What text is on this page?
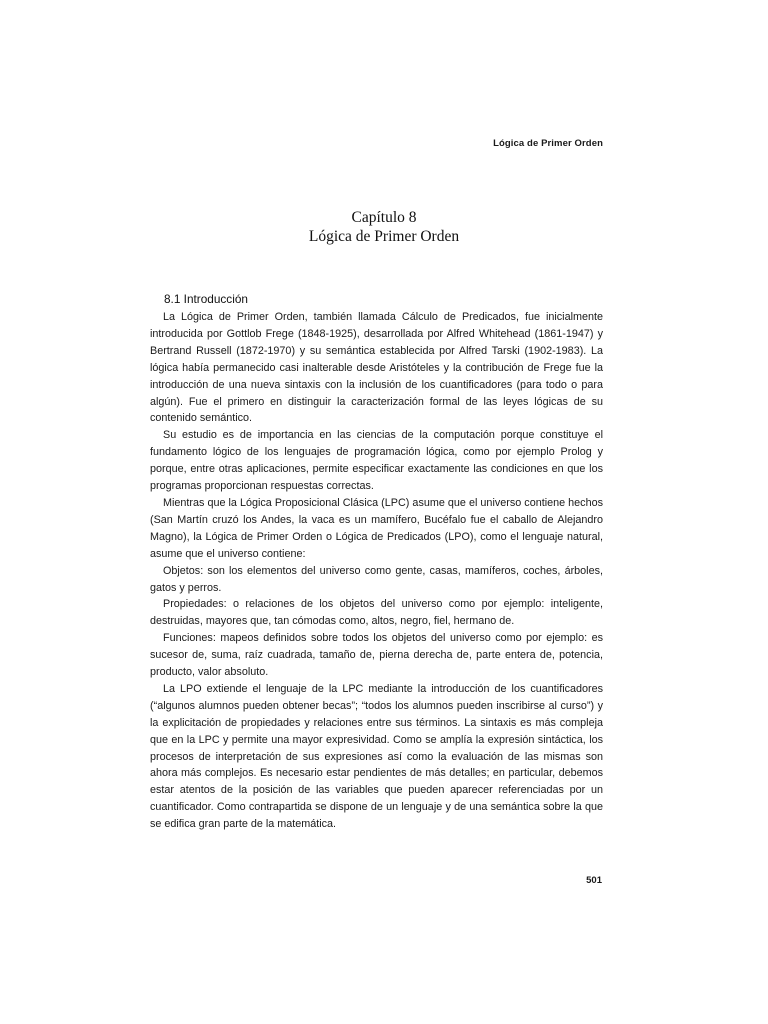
Lógica de Primer Orden
Capítulo 8
Lógica de Primer Orden
8.1 Introducción

La Lógica de Primer Orden, también llamada Cálculo de Predicados, fue inicialmente introducida por Gottlob Frege (1848-1925), desarrollada por Alfred Whitehead (1861-1947) y Bertrand Russell (1872-1970) y su semántica establecida por Alfred Tarski (1902-1983). La lógica había permanecido casi inalterable desde Aristóteles y la contribución de Frege fue la introducción de una nueva sintaxis con la inclusión de los cuantificadores (para todo o para algún). Fue el primero en distinguir la caracterización formal de las leyes lógicas de su contenido semántico.

Su estudio es de importancia en las ciencias de la computación porque constituye el fundamento lógico de los lenguajes de programación lógica, como por ejemplo Prolog y porque, entre otras aplicaciones, permite especificar exactamente las condiciones en que los programas proporcionan respuestas correctas.

Mientras que la Lógica Proposicional Clásica (LPC) asume que el universo contiene hechos (San Martín cruzó los Andes, la vaca es un mamífero, Bucéfalo fue el caballo de Alejandro Magno), la Lógica de Primer Orden o Lógica de Predicados (LPO), como el lenguaje natural, asume que el universo contiene:

Objetos: son los elementos del universo como gente, casas, mamíferos, coches, árboles, gatos y perros.

Propiedades: o relaciones de los objetos del universo como por ejemplo: inteligente, destruidas, mayores que, tan cómodas como, altos, negro, fiel, hermano de.

Funciones: mapeos definidos sobre todos los objetos del universo como por ejemplo: es sucesor de, suma, raíz cuadrada, tamaño de, pierna derecha de, parte entera de, potencia, producto, valor absoluto.

La LPO extiende el lenguaje de la LPC mediante la introducción de los cuantificadores (“algunos alumnos pueden obtener becas”; “todos los alumnos pueden inscribirse al curso”) y la explicitación de propiedades y relaciones entre sus términos. La sintaxis es más compleja que en la LPC y permite una mayor expresividad. Como se amplía la expresión sintáctica, los procesos de interpretación de sus expresiones así como la evaluación de las mismas son ahora más complejos. Es necesario estar pendientes de más detalles; en particular, debemos estar atentos de la posición de las variables que pueden aparecer referenciadas por un cuantificador. Como contrapartida se dispone de un lenguaje y de una semántica sobre la que se edifica gran parte de la matemática.

501
